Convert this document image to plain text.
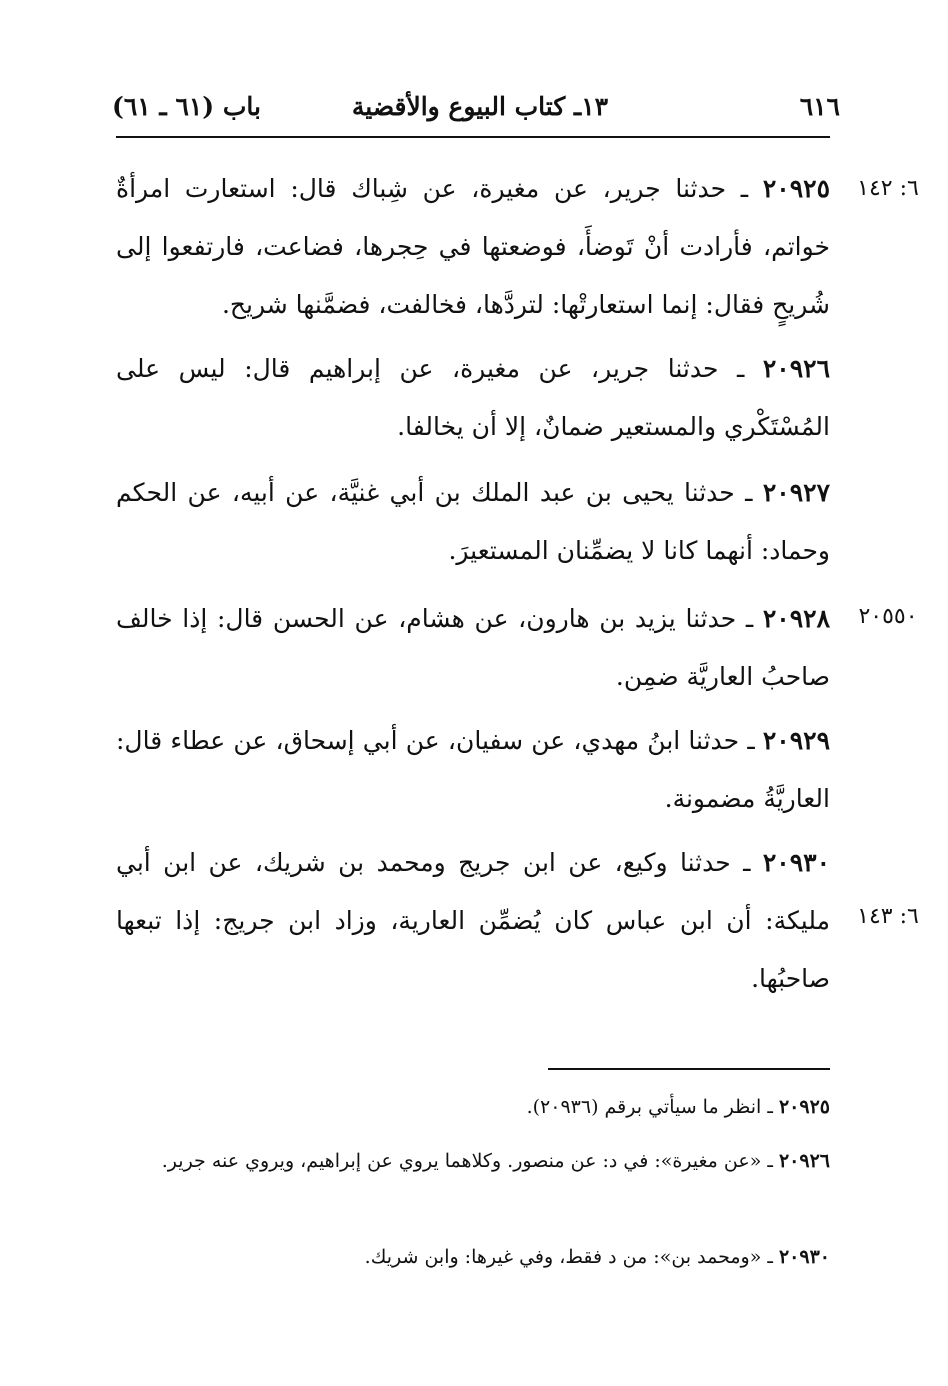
٦١٦
١٣ـ كتاب البيوع والأقضية
باب (٦١ ـ ٦١)
٦: ١٤٢
٢٠٥٥٠
٦: ١٤٣

٢٠٩٢٥ ـ حدثنا جرير، عن مغيرة، عن شِباك قال: استعارت امرأةٌ خواتم، فأرادت أنْ تَوضأَ، فوضعتها في حِجرها، فضاعت، فارتفعوا إلى شُريحٍ فقال: إنما استعارتْها: لتردَّها، فخالفت، فضمَّنها شريح.

٢٠٩٢٦ ـ حدثنا جرير، عن مغيرة، عن إبراهيم قال: ليس على المُسْتَكْري والمستعير ضمانٌ، إلا أن يخالفا.

٢٠٩٢٧ ـ حدثنا يحيى بن عبد الملك بن أبي غنيَّة، عن أبيه، عن الحكم وحماد: أنهما كانا لا يضمِّنان المستعيرَ.

٢٠٩٢٨ ـ حدثنا يزيد بن هارون، عن هشام، عن الحسن قال: إذا خالف صاحبُ العاريَّة ضمِن.

٢٠٩٢٩ ـ حدثنا ابنُ مهدي، عن سفيان، عن أبي إسحاق، عن عطاء قال: العاريَّةُ مضمونة.

٢٠٩٣٠ ـ حدثنا وكيع، عن ابن جريج ومحمد بن شريك، عن ابن أبي مليكة: أن ابن عباس كان يُضمِّن العارية، وزاد ابن جريج: إذا تبعها صاحبُها.

٢٠٩٢٥ ـ انظر ما سيأتي برقم (٢٠٩٣٦).

٢٠٩٢٦ ـ «عن مغيرة»: في د: عن منصور. وكلاهما يروي عن إبراهيم، ويروي عنه جرير.

٢٠٩٣٠ ـ «ومحمد بن»: من د فقط، وفي غيرها: وابن شريك.
